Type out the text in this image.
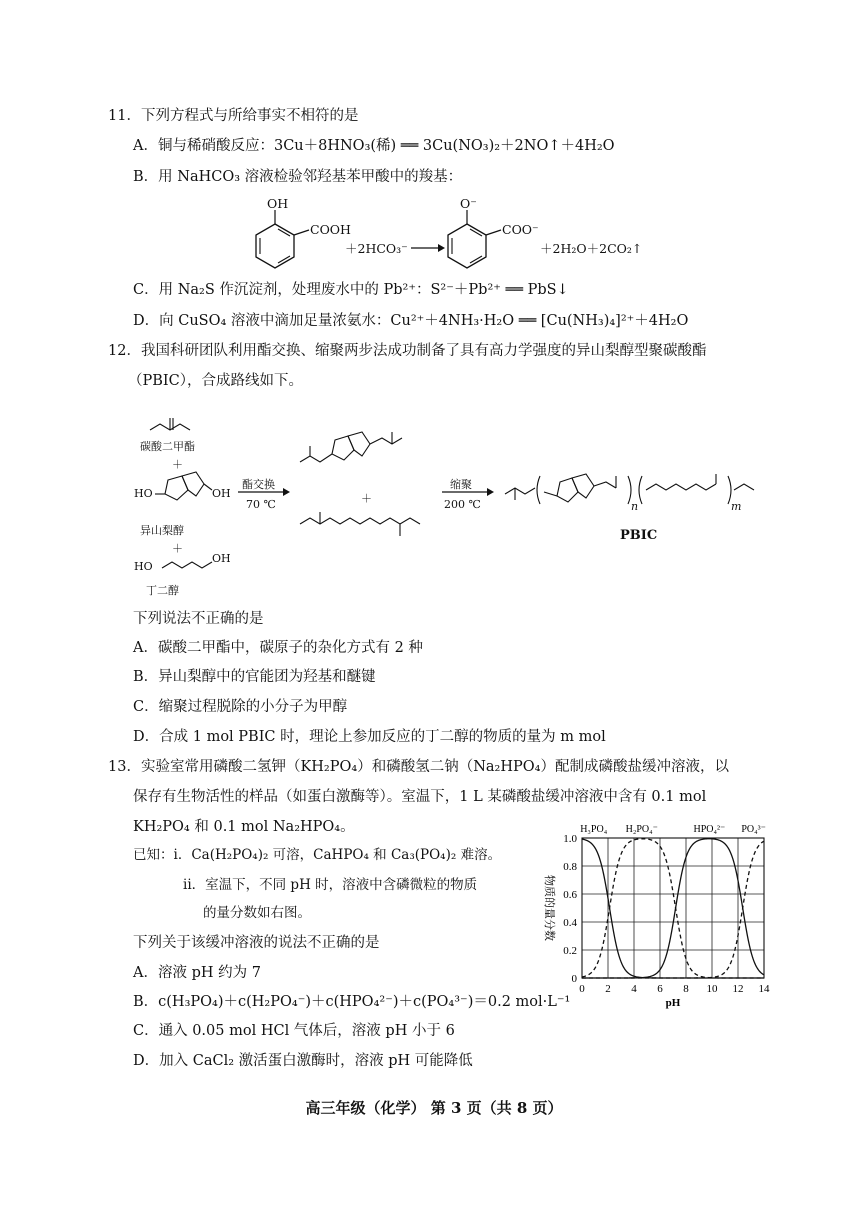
11．下列方程式与所给事实不相符的是
A．铜与稀硝酸反应：3Cu＋8HNO₃(稀) ══ 3Cu(NO₃)₂＋2NO↑＋4H₂O
B．用 NaHCO₃ 溶液检验邻羟基苯甲酸中的羧基：
OH
COOH
＋2HCO₃⁻
O⁻
COO⁻
＋2H₂O＋2CO₂↑
C．用 Na₂S 作沉淀剂，处理废水中的 Pb²⁺：S²⁻＋Pb²⁺ ══ PbS↓
D．向 CuSO₄ 溶液中滴加足量浓氨水：Cu²⁺＋4NH₃·H₂O ══ [Cu(NH₃)₄]²⁺＋4H₂O
12．我国科研团队利用酯交换、缩聚两步法成功制备了具有高力学强度的异山梨醇型聚碳酸酯
（PBIC），合成路线如下。
碳酸二甲酯
＋
HO	OH
异山梨醇
＋
HO
OH
丁二醇
酯交换
70 ℃	＋
缩聚
200 ℃	n	m
PBIC
下列说法不正确的是
A．碳酸二甲酯中，碳原子的杂化方式有 2 种
B．异山梨醇中的官能团为羟基和醚键
C．缩聚过程脱除的小分子为甲醇
D．合成 1 mol PBIC 时，理论上参加反应的丁二醇的物质的量为 m mol
13．实验室常用磷酸二氢钾（KH₂PO₄）和磷酸氢二钠（Na₂HPO₄）配制成磷酸盐缓冲溶液，以
保存有生物活性的样品（如蛋白激酶等）。室温下，1 L 某磷酸盐缓冲溶液中含有 0.1 mol
KH₂PO₄ 和 0.1 mol Na₂HPO₄。
已知：i．Ca(H₂PO₄)₂ 可溶，CaHPO₄ 和 Ca₃(PO₄)₂ 难溶。
ii．室温下，不同 pH 时，溶液中含磷微粒的物质
的量分数如右图。
下列关于该缓冲溶液的说法不正确的是
A．溶液 pH 约为 7
B．c(H₃PO₄)＋c(H₂PO₄⁻)＋c(HPO₄²⁻)＋c(PO₄³⁻)＝0.2 mol·L⁻¹
C．通入 0.05 mol HCl 气体后，溶液 pH 小于 6
D．加入 CaCl₂ 激活蛋白激酶时，溶液 pH 可能降低
0 2 4 6 8 10 12 14
0
0.2
0.4
0.6
0.8
1.0
pH
物质的量分数
H₃PO₄ H₂PO₄⁻	HPO₄²⁻ PO₄³⁻
高三年级（化学） 第 3 页（共 8 页）
